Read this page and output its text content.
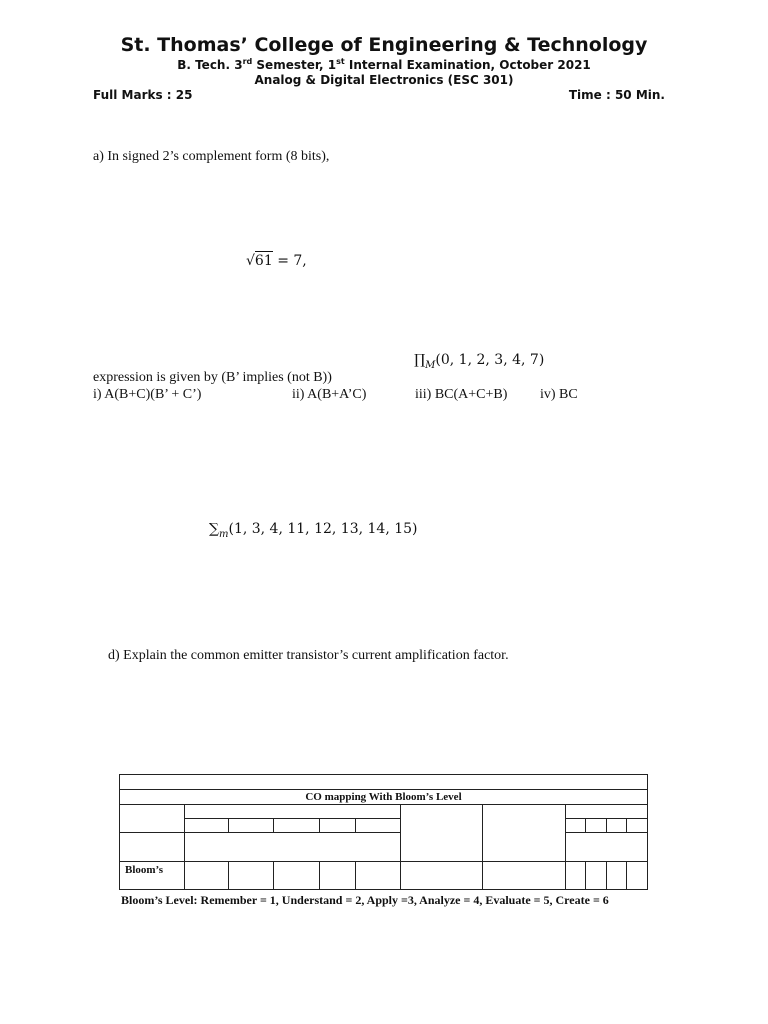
St. Thomas’ College of Engineering & Technology
B. Tech. 3rd Semester, 1st Internal Examination, October 2021
Analog & Digital Electronics (ESC 301)
Full Marks : 25	Time : 50 Min.
a) In signed 2’s complement form (8 bits),
√61 = 7,
$\prod_M(0$, 1, 2, 3, 4, 7)
expression is given by (B’ implies (not B))
i) A(B+C)(B’ + C’)	ii) A(B+A’C)	iii) BC(A+C+B) iv) BC
$\sum_m(1$, 3, 4, 11, 12, 13, 14, 15)
d) Explain the common emitter transistor’s current amplification factor.

CO mapping With Bloom’s Level											

Bloom’s											
Bloom’s Level: Remember = 1, Understand = 2, Apply =3, Analyze = 4, Evaluate = 5, Create = 6
